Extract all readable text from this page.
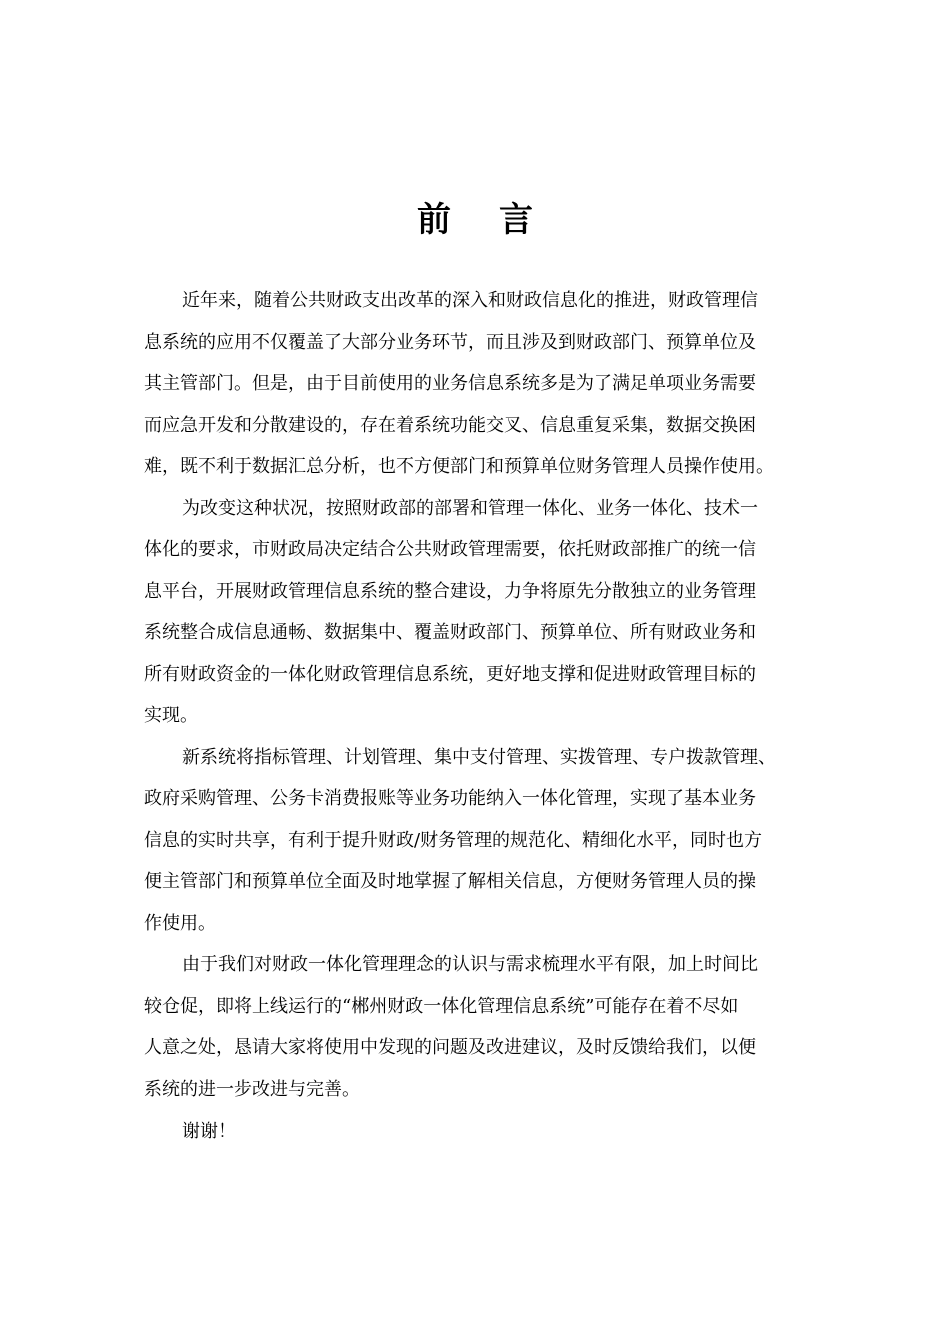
前言
近年来，随着公共财政支出改革的深入和财政信息化的推进，财政管理信
息系统的应用不仅覆盖了大部分业务环节，而且涉及到财政部门、预算单位及
其主管部门。但是，由于目前使用的业务信息系统多是为了满足单项业务需要
而应急开发和分散建设的，存在着系统功能交叉、信息重复采集，数据交换困
难，既不利于数据汇总分析，也不方便部门和预算单位财务管理人员操作使用。
为改变这种状况，按照财政部的部署和管理一体化、业务一体化、技术一
体化的要求，市财政局决定结合公共财政管理需要，依托财政部推广的统一信
息平台，开展财政管理信息系统的整合建设，力争将原先分散独立的业务管理
系统整合成信息通畅、数据集中、覆盖财政部门、预算单位、所有财政业务和
所有财政资金的一体化财政管理信息系统，更好地支撑和促进财政管理目标的
实现。
新系统将指标管理、计划管理、集中支付管理、实拨管理、专户拨款管理、
政府采购管理、公务卡消费报账等业务功能纳入一体化管理，实现了基本业务
信息的实时共享，有利于提升财政/财务管理的规范化、精细化水平，同时也方
便主管部门和预算单位全面及时地掌握了解相关信息，方便财务管理人员的操
作使用。
由于我们对财政一体化管理理念的认识与需求梳理水平有限，加上时间比
较仓促，即将上线运行的“郴州财政一体化管理信息系统”可能存在着不尽如
人意之处，恳请大家将使用中发现的问题及改进建议，及时反馈给我们，以便
系统的进一步改进与完善。
谢谢！
